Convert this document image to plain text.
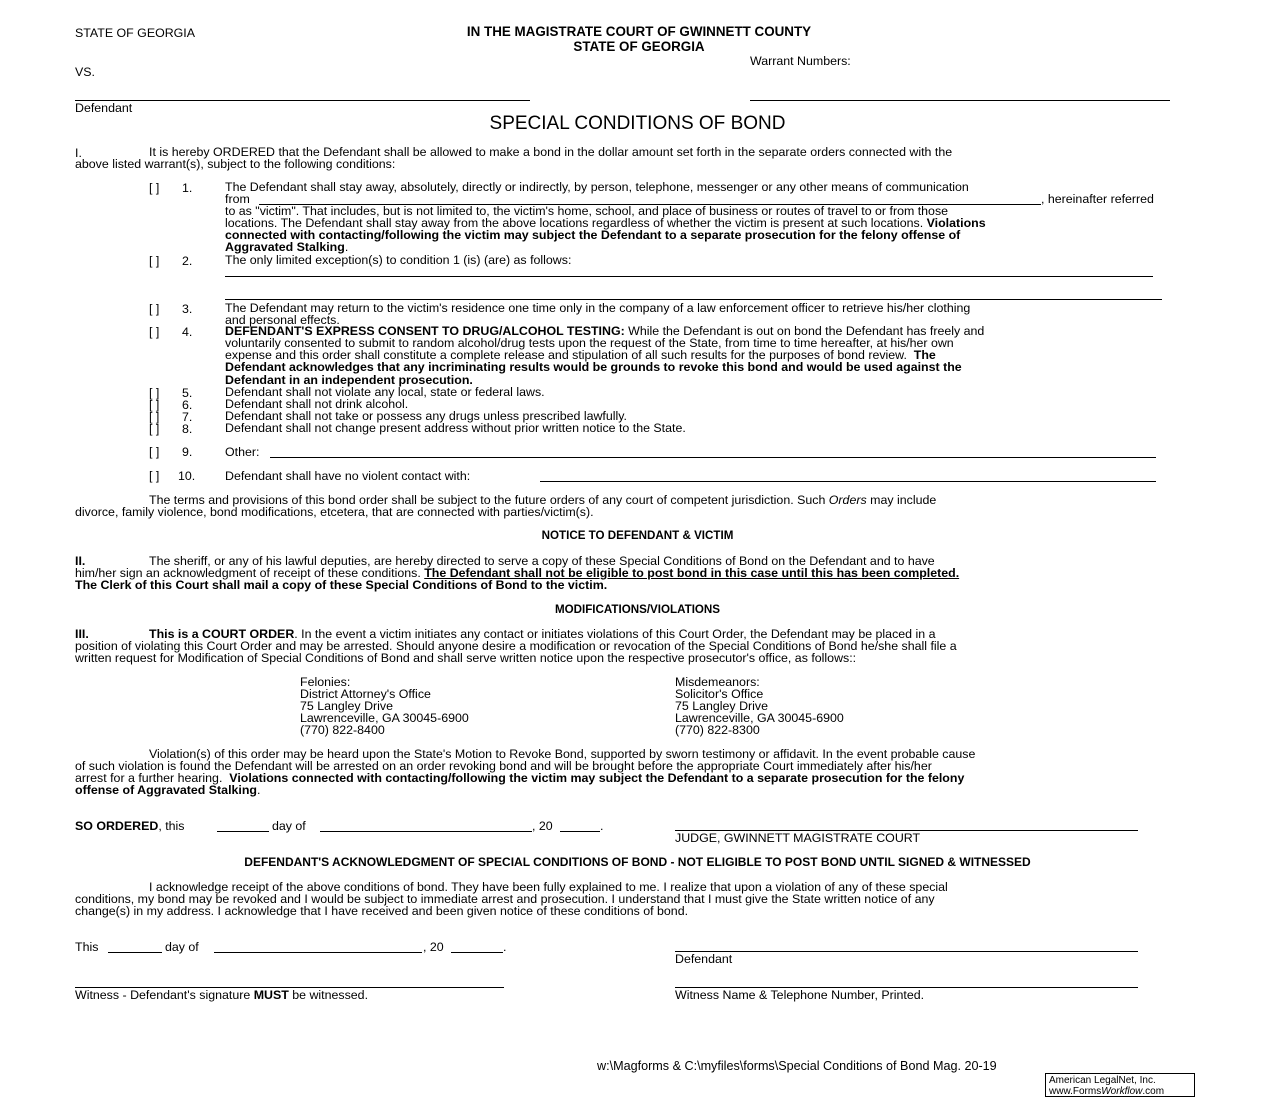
STATE OF GEORGIA	IN THE MAGISTRATE COURT OF GWINNETT COUNTY
STATE OF GEORGIA
VS.
Warrant Numbers:
Defendant
SPECIAL CONDITIONS OF BOND
I.	It is hereby ORDERED that the Defendant shall be allowed to make a bond in the dollar amount set forth in the separate orders connected with the
above listed warrant(s), subject to the following conditions:
[ ] 1.	The Defendant shall stay away, absolutely, directly or indirectly, by person, telephone, messenger or any other means of communication
from	, hereinafter referred
to as "victim". That includes, but is not limited to, the victim's home, school, and place of business or routes of travel to or from those
locations. The Defendant shall stay away from the above locations regardless of whether the victim is present at such locations. Violations
connected with contacting/following the victim may subject the Defendant to a separate prosecution for the felony offense of
Aggravated Stalking.
[ ] 2.	The only limited exception(s) to condition 1 (is) (are) as follows:
[ ] 3.	The Defendant may return to the victim's residence one time only in the company of a law enforcement officer to retrieve his/her clothing
and personal effects.
[ ] 4.	DEFENDANT'S EXPRESS CONSENT TO DRUG/ALCOHOL TESTING: While the Defendant is out on bond the Defendant has freely and
voluntarily consented to submit to random alcohol/drug tests upon the request of the State, from time to time hereafter, at his/her own
expense and this order shall constitute a complete release and stipulation of all such results for the purposes of bond review. The
Defendant acknowledges that any incriminating results would be grounds to revoke this bond and would be used against the
Defendant in an independent prosecution.
[ ] 5.	Defendant shall not violate any local, state or federal laws.
[ ] 6.	Defendant shall not drink alcohol.
[ ] 7.	Defendant shall not take or possess any drugs unless prescribed lawfully.
[ ] 8.	Defendant shall not change present address without prior written notice to the State.
[ ] 9.	Other:
[ ] 10. Defendant shall have no violent contact with:
The terms and provisions of this bond order shall be subject to the future orders of any court of competent jurisdiction. Such Orders may include
divorce, family violence, bond modifications, etcetera, that are connected with parties/victim(s).
NOTICE TO DEFENDANT & VICTIM
II.	The sheriff, or any of his lawful deputies, are hereby directed to serve a copy of these Special Conditions of Bond on the Defendant and to have
him/her sign an acknowledgment of receipt of these conditions. The Defendant shall not be eligible to post bond in this case until this has been completed.
The Clerk of this Court shall mail a copy of these Special Conditions of Bond to the victim.
MODIFICATIONS/VIOLATIONS
III.	This is a COURT ORDER. In the event a victim initiates any contact or initiates violations of this Court Order, the Defendant may be placed in a
position of violating this Court Order and may be arrested. Should anyone desire a modification or revocation of the Special Conditions of Bond he/she shall file a
written request for Modification of Special Conditions of Bond and shall serve written notice upon the respective prosecutor's office, as follows::
Felonies:
District Attorney's Office
75 Langley Drive
Lawrenceville, GA 30045-6900
(770) 822-8400
Misdemeanors:
Solicitor's Office
75 Langley Drive
Lawrenceville, GA 30045-6900
(770) 822-8300
Violation(s) of this order may be heard upon the State's Motion to Revoke Bond, supported by sworn testimony or affidavit. In the event probable cause
of such violation is found the Defendant will be arrested on an order revoking bond and will be brought before the appropriate Court immediately after his/her
arrest for a further hearing. Violations connected with contacting/following the victim may subject the Defendant to a separate prosecution for the felony
offense of Aggravated Stalking.
SO ORDERED, this	day of	, 20	.
JUDGE, GWINNETT MAGISTRATE COURT
DEFENDANT'S ACKNOWLEDGMENT OF SPECIAL CONDITIONS OF BOND - NOT ELIGIBLE TO POST BOND UNTIL SIGNED & WITNESSED
I acknowledge receipt of the above conditions of bond. They have been fully explained to me. I realize that upon a violation of any of these special
conditions, my bond may be revoked and I would be subject to immediate arrest and prosecution. I understand that I must give the State written notice of any
change(s) in my address. I acknowledge that I have received and been given notice of these conditions of bond.
This	day of	, 20	.
Defendant
Witness - Defendant's signature MUST be witnessed.	Witness Name & Telephone Number, Printed.
w:\Magforms & C:\myfiles\forms\Special Conditions of Bond Mag. 20-19
American LegalNet, Inc.
www.FormsWorkflow.com
